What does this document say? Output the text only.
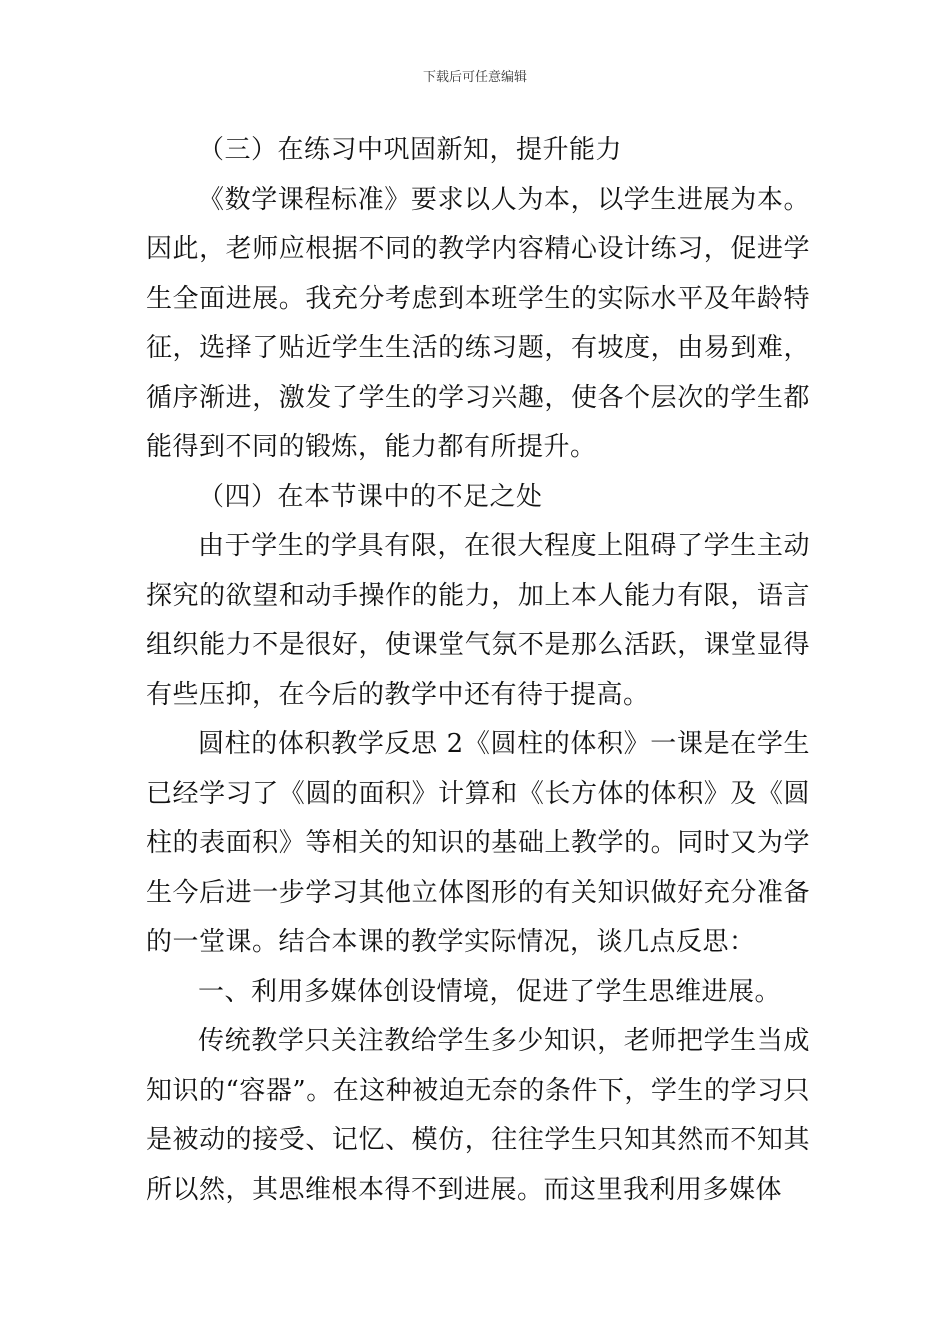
下载后可任意编辑

（三）在练习中巩固新知，提升能力

《数学课程标准》要求以人为本，以学生进展为本。因此，老师应根据不同的教学内容精心设计练习，促进学生全面进展。我充分考虑到本班学生的实际水平及年龄特征，选择了贴近学生生活的练习题，有坡度，由易到难，循序渐进，激发了学生的学习兴趣，使各个层次的学生都能得到不同的锻炼，能力都有所提升。

（四）在本节课中的不足之处

由于学生的学具有限，在很大程度上阻碍了学生主动探究的欲望和动手操作的能力，加上本人能力有限，语言组织能力不是很好，使课堂气氛不是那么活跃，课堂显得有些压抑，在今后的教学中还有待于提高。

圆柱的体积教学反思 2《圆柱的体积》一课是在学生已经学习了《圆的面积》计算和《长方体的体积》及《圆柱的表面积》等相关的知识的基础上教学的。同时又为学生今后进一步学习其他立体图形的有关知识做好充分准备的一堂课。结合本课的教学实际情况，谈几点反思：

一、利用多媒体创设情境，促进了学生思维进展。

传统教学只关注教给学生多少知识，老师把学生当成知识的“容器”。在这种被迫无奈的条件下，学生的学习只是被动的接受、记忆、模仿，往往学生只知其然而不知其所以然，其思维根本得不到进展。而这里我利用多媒体
